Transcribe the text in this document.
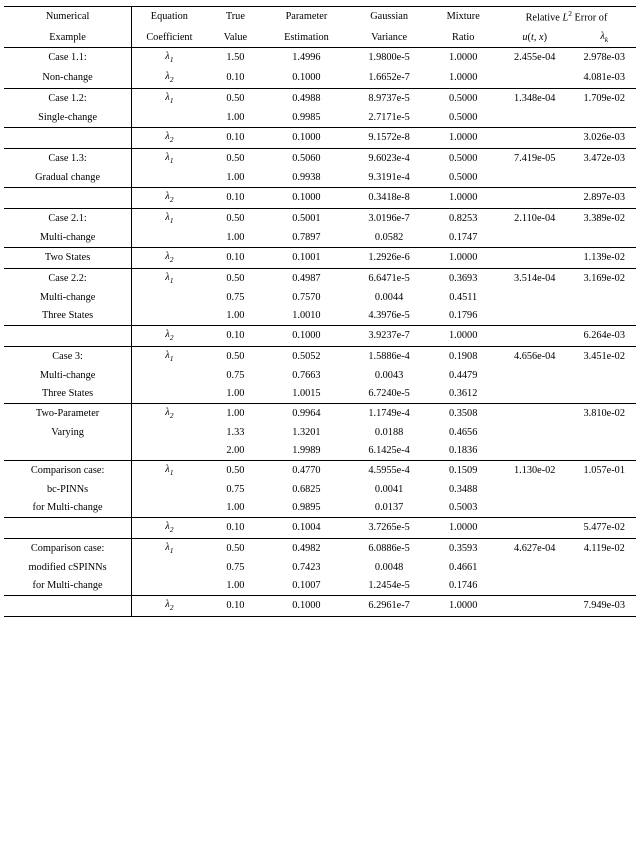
Numerical	Equation	True	Parameter	Gaussian	Mixture	Relative $L^2$ Error of	
Example	Coefficient	Value	Estimation	Variance	Ratio	u(t, x)	$\lambda_k$
Case 1.1:	$\lambda_1$	1.50	1.4996	1.9800e-5	1.0000	2.455e-04	2.978e-03
Non-change	$\lambda_2$	0.10	0.1000	1.6652e-7	1.0000		4.081e-03
Case 1.2:	$\lambda_1$	0.50	0.4988	8.9737e-5	0.5000	1.348e-04	1.709e-02
Single-change		1.00	0.9985	2.7171e-5	0.5000		
	$\lambda_2$	0.10	0.1000	9.1572e-8	1.0000		3.026e-03
Case 1.3:	$\lambda_1$	0.50	0.5060	9.6023e-4	0.5000	7.419e-05	3.472e-03
Gradual change		1.00	0.9938	9.3191e-4	0.5000		
	$\lambda_2$	0.10	0.1000	0.3418e-8	1.0000		2.897e-03
Case 2.1:	$\lambda_1$	0.50	0.5001	3.0196e-7	0.8253	2.110e-04	3.389e-02
Multi-change		1.00	0.7897	0.0582	0.1747		
Two States	$\lambda_2$	0.10	0.1001	1.2926e-6	1.0000		1.139e-02
Case 2.2:	$\lambda_1$	0.50	0.4987	6.6471e-5	0.3693	3.514e-04	3.169e-02
Multi-change		0.75	0.7570	0.0044	0.4511		
Three States		1.00	1.0010	4.3976e-5	0.1796		
	$\lambda_2$	0.10	0.1000	3.9237e-7	1.0000		6.264e-03
Case 3:	$\lambda_1$	0.50	0.5052	1.5886e-4	0.1908	4.656e-04	3.451e-02
Multi-change		0.75	0.7663	0.0043	0.4479		
Three States		1.00	1.0015	6.7240e-5	0.3612		
Two-Parameter	$\lambda_2$	1.00	0.9964	1.1749e-4	0.3508		3.810e-02
Varying		1.33	1.3201	0.0188	0.4656		
		2.00	1.9989	6.1425e-4	0.1836		
Comparison case:	$\lambda_1$	0.50	0.4770	4.5955e-4	0.1509	1.130e-02	1.057e-01
bc-PINNs		0.75	0.6825	0.0041	0.3488		
for Multi-change		1.00	0.9895	0.0137	0.5003		
	$\lambda_2$	0.10	0.1004	3.7265e-5	1.0000		5.477e-02
Comparison case:	$\lambda_1$	0.50	0.4982	6.0886e-5	0.3593	4.627e-04	4.119e-02
modified cSPINNs		0.75	0.7423	0.0048	0.4661		
for Multi-change		1.00	0.1007	1.2454e-5	0.1746		
	$\lambda_2$	0.10	0.1000	6.2961e-7	1.0000		7.949e-03
